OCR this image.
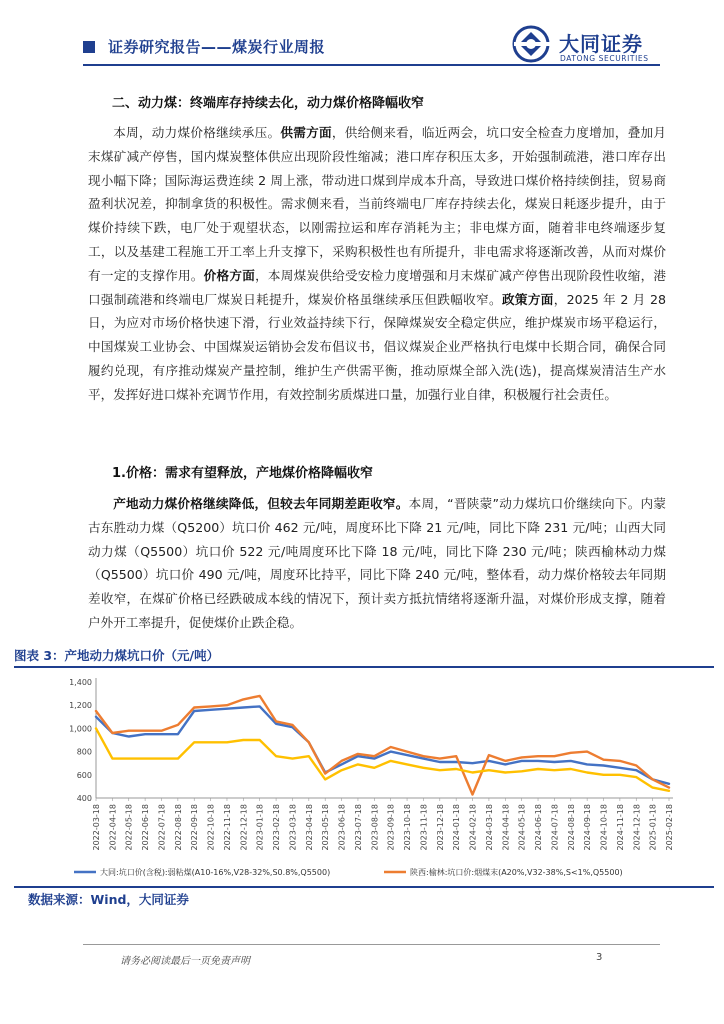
证券研究报告——煤炭行业周报	大同证券
DATONG SECURITIES
二、动力煤：终端库存持续去化，动力煤价格降幅收窄

本周，动力煤价格继续承压。供需方面，供给侧来看，临近两会，坑口安全检查力度增加，叠加月末煤矿减产停售，国内煤炭整体供应出现阶段性缩减；港口库存积压太多，开始强制疏港，港口库存出现小幅下降；国际海运费连续 2 周上涨，带动进口煤到岸成本升高，导致进口煤价格持续倒挂，贸易商盈利状况差，抑制拿货的积极性。需求侧来看，当前终端电厂库存持续去化，煤炭日耗逐步提升，由于煤价持续下跌，电厂处于观望状态，以刚需拉运和库存消耗为主；非电煤方面，随着非电终端逐步复工，以及基建工程施工开工率上升支撑下，采购积极性也有所提升，非电需求将逐渐改善，从而对煤价有一定的支撑作用。价格方面，本周煤炭供给受安检力度增强和月末煤矿减产停售出现阶段性收缩，港口强制疏港和终端电厂煤炭日耗提升，煤炭价格虽继续承压但跌幅收窄。政策方面，2025 年 2 月 28 日，为应对市场价格快速下滑，行业效益持续下行，保障煤炭安全稳定供应，维护煤炭市场平稳运行，中国煤炭工业协会、中国煤炭运销协会发布倡议书，倡议煤炭企业严格执行电煤中长期合同，确保合同履约兑现，有序推动煤炭产量控制，维护生产供需平衡，推动原煤全部入洗(选)，提高煤炭清洁生产水平，发挥好进口煤补充调节作用，有效控制劣质煤进口量，加强行业自律，积极履行社会责任。

1.价格：需求有望释放，产地煤价格降幅收窄

产地动力煤价格继续降低，但较去年同期差距收窄。本周，“晋陕蒙”动力煤坑口价继续向下。内蒙古东胜动力煤（Q5200）坑口价 462 元/吨，周度环比下降 21 元/吨，同比下降 231 元/吨；山西大同动力煤（Q5500）坑口价 522 元/吨周度环比下降 18 元/吨，同比下降 230 元/吨；陕西榆林动力煤（Q5500）坑口价 490 元/吨，周度环比持平，同比下降 240 元/吨，整体看，动力煤价格较去年同期差收窄，在煤矿价格已经跌破成本线的情况下，预计卖方抵抗情绪将逐渐升温，对煤价形成支撑，随着户外开工率提升，促使煤价止跌企稳。

图表 3：产地动力煤坑口价（元/吨）
400
600
800
1,000
1,200
1,400
2022-03-18 2022-04-18 2022-05-18 2022-06-18 2022-07-18 2022-08-18 2022-09-18 2022-10-18 2022-11-18 2022-12-18 2023-01-18 2023-02-18 2023-03-18 2023-04-18 2023-05-18 2023-06-18 2023-07-18 2023-08-18 2023-09-18 2023-10-18 2023-11-18 2023-12-18 2024-01-18 2024-02-18 2024-03-18 2024-04-18 2024-05-18 2024-06-18 2024-07-18 2024-08-18 2024-09-18 2024-10-18 2024-11-18 2024-12-18 2025-01-18 2025-02-18
大同:坑口价(含税):弱粘煤(A10-16%,V28-32%,S0.8%,Q5500)	陕西:榆林:坑口价:烟煤末(A20%,V32-38%,S<1%,Q5500)
数据来源：Wind，大同证券
请务必阅读最后一页免责声明	3
